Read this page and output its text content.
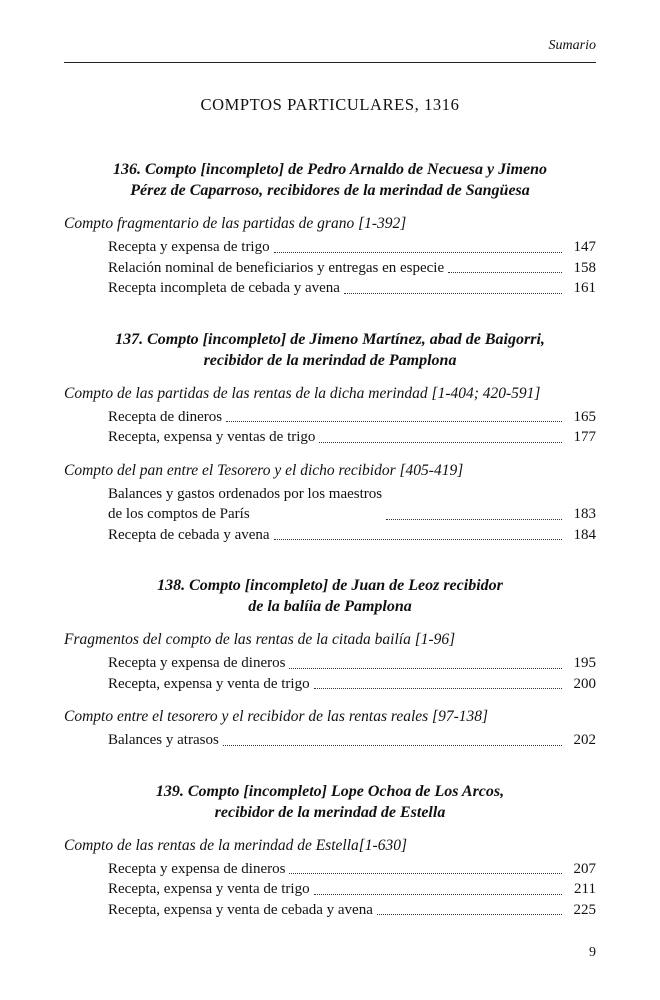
Sumario
COMPTOS PARTICULARES, 1316
136. Compto [incompleto] de Pedro Arnaldo de Necuesa y Jimeno
Pérez de Caparroso, recibidores de la merindad de Sangüesa
Compto fragmentario de las partidas de grano [1-392]
Recepta y expensa de trigo	147
Relación nominal de beneficiarios y entregas en especie	158
Recepta incompleta de cebada y avena	161
137. Compto [incompleto] de Jimeno Martínez, abad de Baigorri,
recibidor de la merindad de Pamplona
Compto de las partidas de las rentas de la dicha merindad [1-404; 420-591]
Recepta de dineros	165
Recepta, expensa y ventas de trigo	177
Compto del pan entre el Tesorero y el dicho recibidor [405-419]
Balances y gastos ordenados por los maestros
de los comptos de París	183
Recepta de cebada y avena	184
138. Compto [incompleto] de Juan de Leoz recibidor
de la balíia de Pamplona
Fragmentos del compto de las rentas de la citada bailía [1-96]
Recepta y expensa de dineros	195
Recepta, expensa y venta de trigo	200
Compto entre el tesorero y el recibidor de las rentas reales [97-138]
Balances y atrasos	202
139. Compto [incompleto] Lope Ochoa de Los Arcos,
recibidor de la merindad de Estella
Compto de las rentas de la merindad de Estella[1-630]
Recepta y expensa de dineros	207
Recepta, expensa y venta de trigo	211
Recepta, expensa y venta de cebada y avena	225
9
